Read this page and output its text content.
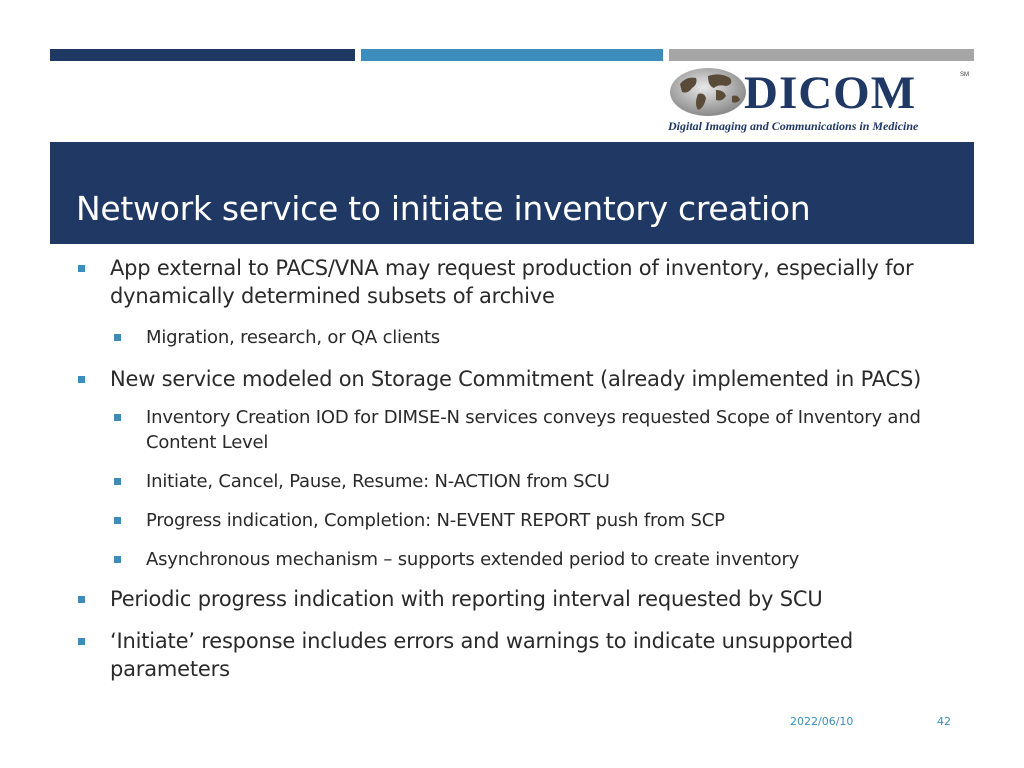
DICOM	SM
Digital Imaging and Communications in Medicine
Network service to initiate inventory creation
App external to PACS/VNA may request production of inventory, especially for dynamically determined subsets of archive
Migration, research, or QA clients
New service modeled on Storage Commitment (already implemented in PACS)
Inventory Creation IOD for DIMSE-N services conveys requested Scope of Inventory and Content Level
Initiate, Cancel, Pause, Resume: N-ACTION from SCU
Progress indication, Completion: N-EVENT REPORT push from SCP
Asynchronous mechanism – supports extended period to create inventory
Periodic progress indication with reporting interval requested by SCU
‘Initiate’ response includes errors and warnings to indicate unsupported parameters
2022/06/10	42
